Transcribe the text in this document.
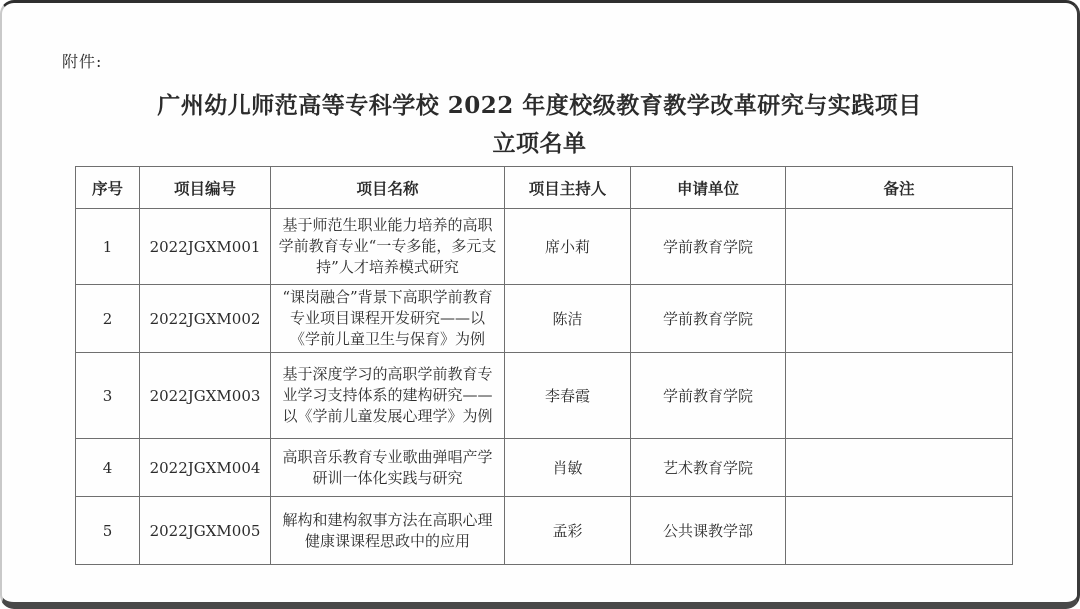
附件:
广州幼儿师范高等专科学校 2022 年度校级教育教学改革研究与实践项目
立项名单
序号	项目编号	项目名称	项目主持人	申请单位	备注
1	2022JGXM001	基于师范生职业能力培养的高职学前教育专业“一专多能，多元支持”人才培养模式研究	席小莉	学前教育学院	
2	2022JGXM002	“课岗融合”背景下高职学前教育专业项目课程开发研究——以《学前儿童卫生与保育》为例	陈洁	学前教育学院	
3	2022JGXM003	基于深度学习的高职学前教育专业学习支持体系的建构研究——以《学前儿童发展心理学》为例	李春霞	学前教育学院	
4	2022JGXM004	高职音乐教育专业歌曲弹唱产学研训一体化实践与研究	肖敏	艺术教育学院	
5	2022JGXM005	解构和建构叙事方法在高职心理健康课课程思政中的应用	孟彩	公共课教学部	
